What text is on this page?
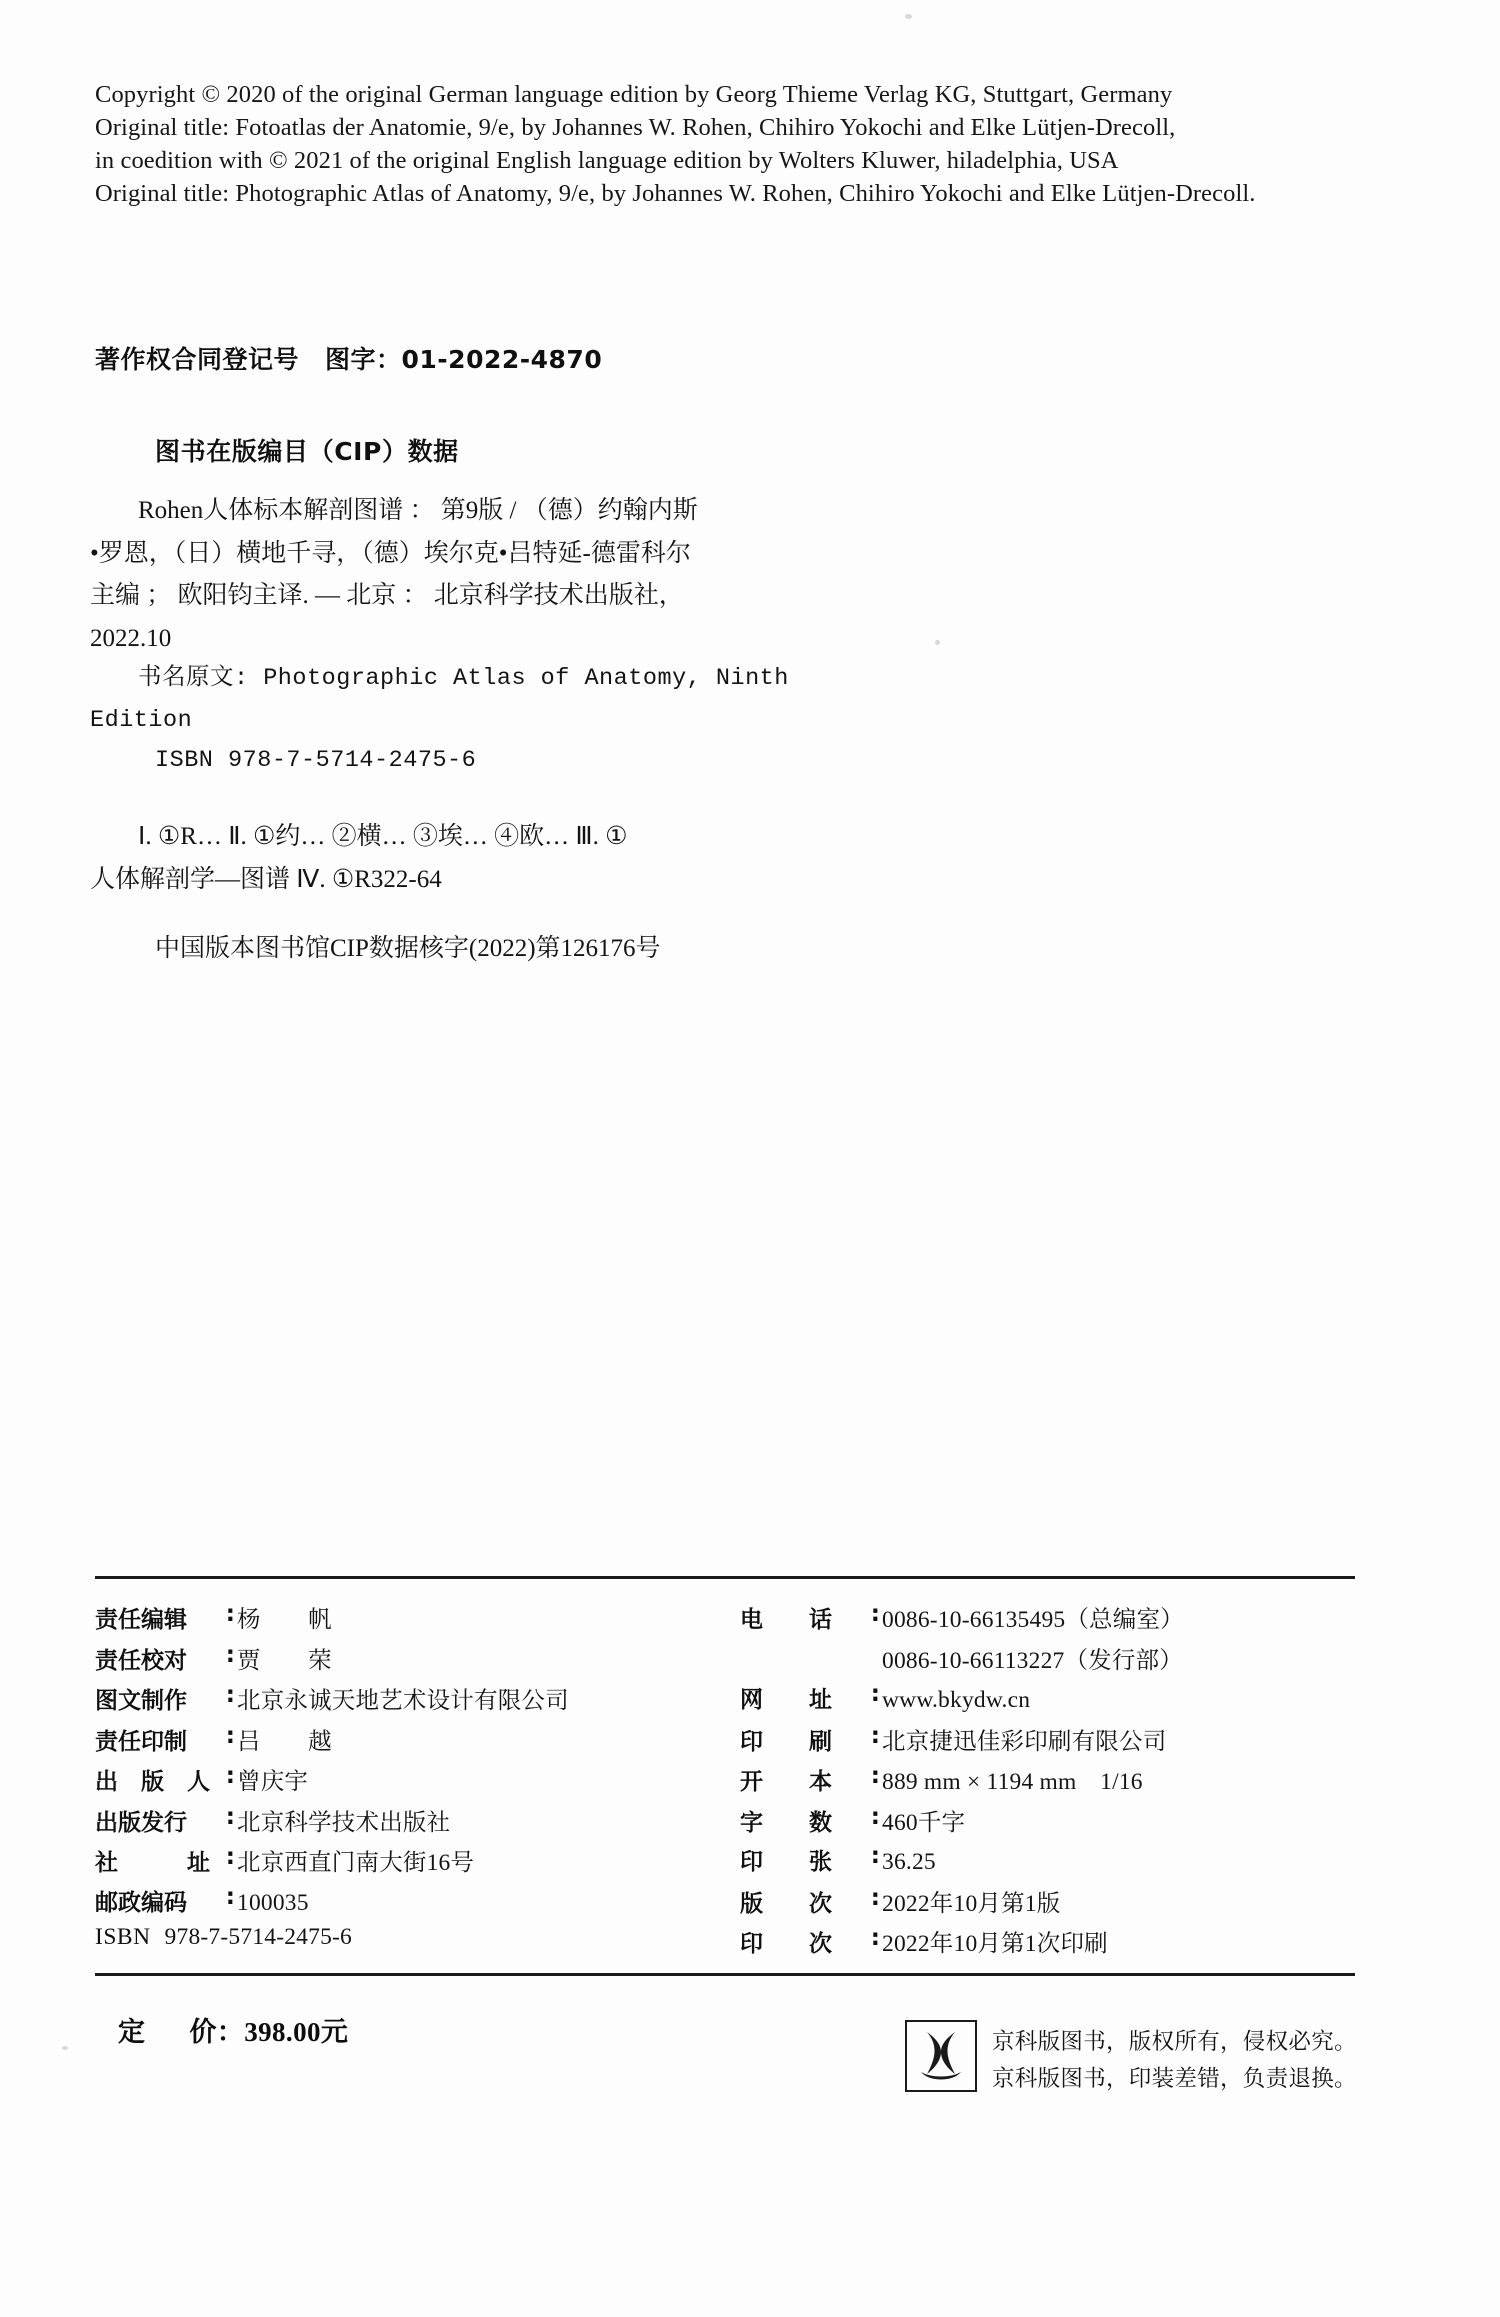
Copyright © 2020 of the original German language edition by Georg Thieme Verlag KG, Stuttgart, Germany
Original title: Fotoatlas der Anatomie, 9/e, by Johannes W. Rohen, Chihiro Yokochi and Elke Lütjen-Drecoll,
in coedition with © 2021 of the original English language edition by Wolters Kluwer, hiladelphia, USA
Original title: Photographic Atlas of Anatomy, 9/e, by Johannes W. Rohen, Chihiro Yokochi and Elke Lütjen-Drecoll.
著作权合同登记号 图字：01-2022-4870
图书在版编目（CIP）数据
Rohen人体标本解剖图谱 ： 第9版 / （德）约翰内斯
•罗恩，（日）横地千寻，（德）埃尔克•吕特延-德雷科尔
主编 ； 欧阳钧主译. — 北京 ： 北京科学技术出版社，
2022.10
书名原文: Photographic Atlas of Anatomy, Ninth
Edition
ISBN 978-7-5714-2475-6
Ⅰ. ①R… Ⅱ. ①约… ②横… ③埃… ④欧… Ⅲ. ①
人体解剖学—图谱 Ⅳ. ①R322-64
中国版本图书馆CIP数据核字(2022)第126176号
责任编辑 : 杨　　帆
责任校对 : 贾　　荣
图文制作 : 北京永诚天地艺术设计有限公司
责任印制 : 吕　　越
出　版　人 : 曾庆宇
出版发行 : 北京科学技术出版社
社　　　址 : 北京西直门南大街16号
邮政编码 : 100035
ISBN 978-7-5714-2475-6
电　　话 : 0086-10-66135495（总编室）
0086-10-66113227（发行部）
网　　址 : www.bkydw.cn
印　　刷 : 北京捷迅佳彩印刷有限公司
开　　本 : 889 mm × 1194 mm　1/16
字　　数 : 460千字
印　　张 : 36.25
版　　次 : 2022年10月第1版
印　　次 : 2022年10月第1次印刷
定 价：398.00元	京科版图书，版权所有，侵权必究。
京科版图书，印装差错，负责退换。
